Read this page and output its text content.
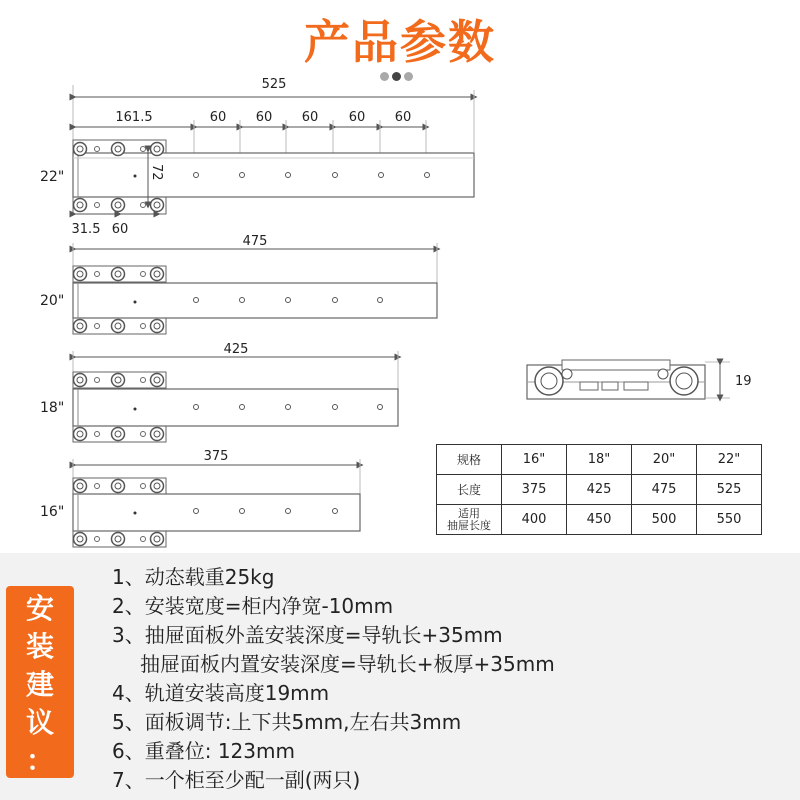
产品参数
525
161.5	60 60 60 60 60
72
22"
31.5 60
475
20"
425
18"
375
16"
19
规格	16"	18"	20"	22"
长度	375	425	475	525
适用
抽屉长度	400	450	500	550
安
装
建
议
：
1、动态载重25kg
2、安装宽度=柜内净宽-10mm
3、抽屉面板外盖安装深度=导轨长+35mm
抽屉面板内置安装深度=导轨长+板厚+35mm
4、轨道安装高度19mm
5、面板调节:上下共5mm,左右共3mm
6、重叠位: 123mm
7、一个柜至少配一副(两只)
